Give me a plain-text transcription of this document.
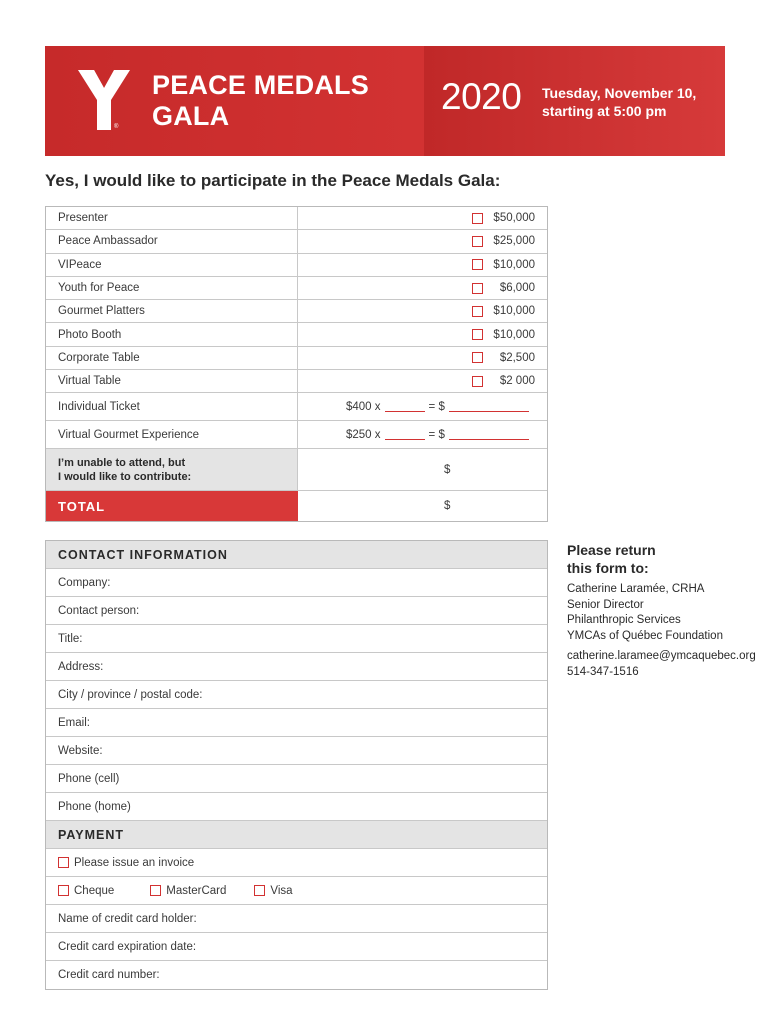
®
PEACE MEDALS
GALA	2020 Tuesday, November 10,
starting at 5:00 pm
Yes, I would like to participate in the Peace Medals Gala:
Presenter	$50,000
Peace Ambassador	$25,000
VIPeace	$10,000
Youth for Peace	$6,000
Gourmet Platters	$10,000
Photo Booth	$10,000
Corporate Table	$2,500
Virtual Table	$2 000
Individual Ticket	$400 x	= $
Virtual Gourmet Experience	$250 x	= $
I’m unable to attend, but
I would like to contribute:
$
TOTAL	$
CONTACT INFORMATION
Company:
Contact person:
Title:
Address:
City / province / postal code:
Email:
Website:
Phone (cell)
Phone (home)
PAYMENT
Please issue an invoice
Cheque	MasterCard	Visa
Name of credit card holder:
Credit card expiration date:
Credit card number:
Please return
this form to:
Catherine Laramée, CRHA
Senior Director
Philanthropic Services
YMCAs of Québec Foundation
catherine.laramee@ymcaquebec.org
514-347-1516
